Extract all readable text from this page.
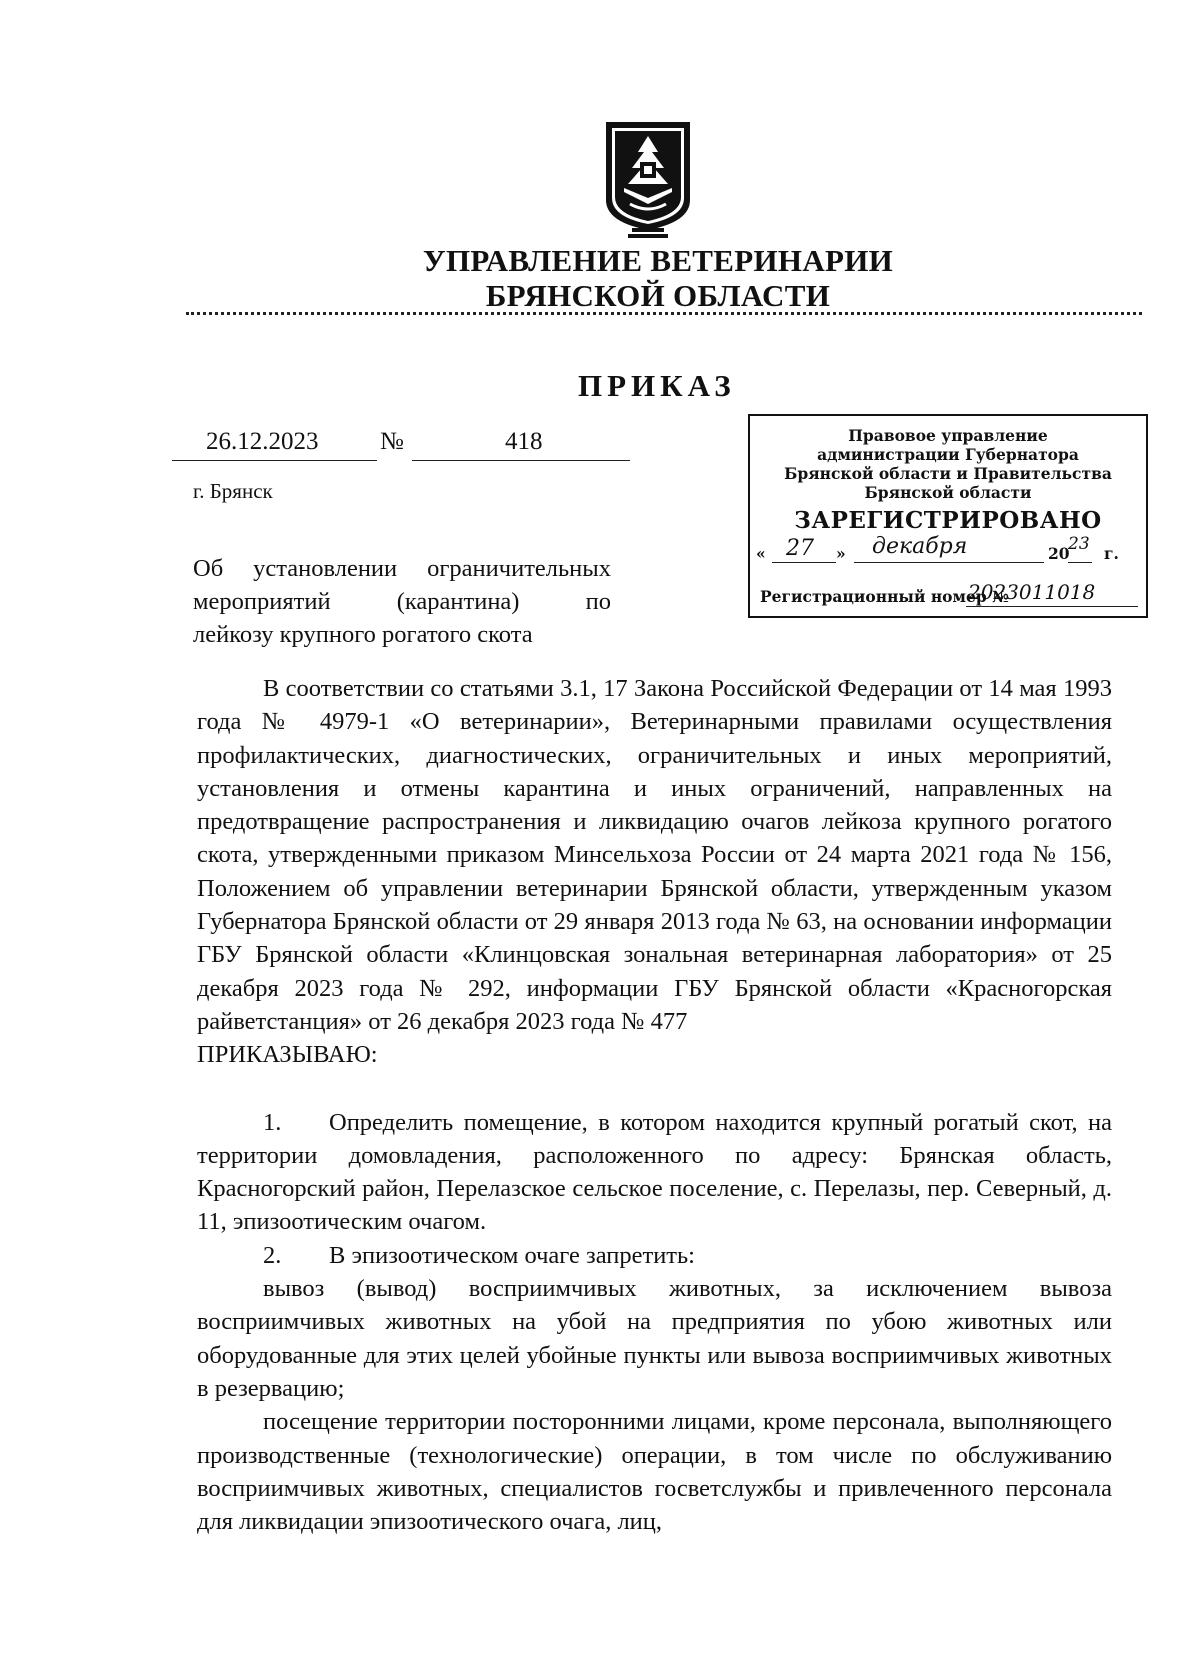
УПРАВЛЕНИЕ ВЕТЕРИНАРИИ
БРЯНСКОЙ ОБЛАСТИ
ПРИКАЗ
26.12.2023 №	418
г. Брянск
Правовое управление
администрации Губернатора
Брянской области и Правительства
Брянской области
ЗАРЕГИСТРИРОВАНО
« 27 » декабря	20
23 г.
Регистрационный номер №
2023011018

Об установлении ограничительных

мероприятий (карантина) по

лейкозу крупного рогатого скота

В соответствии со статьями 3.1, 17 Закона Российской Федерации от 14 мая 1993 года № 4979-1 «О ветеринарии», Ветеринарными правилами осуществления профилактических, диагностических, ограничительных и иных мероприятий, установления и отмены карантина и иных ограничений, направленных на предотвращение распространения и ликвидацию очагов лейкоза крупного рогатого скота, утвержденными приказом Минсельхоза России от 24 марта 2021 года № 156, Положением об управлении ветеринарии Брянской области, утвержденным указом Губернатора Брянской области от 29 января 2013 года № 63, на основании информации ГБУ Брянской области «Клинцовская зональная ветеринарная лаборатория» от 25 декабря 2023 года № 292, информации ГБУ Брянской области «Красногорская райветстанция» от 26 декабря 2023 года № 477

ПРИКАЗЫВАЮ:

1. Определить помещение, в котором находится крупный рогатый скот, на территории домовладения, расположенного по адресу: Брянская область, Красногорский район, Перелазское сельское поселение, с. Перелазы, пер. Северный, д. 11, эпизоотическим очагом.

2. В эпизоотическом очаге запретить:

вывоз (вывод) восприимчивых животных, за исключением вывоза восприимчивых животных на убой на предприятия по убою животных или оборудованные для этих целей убойные пункты или вывоза восприимчивых животных в резервацию;

посещение территории посторонними лицами, кроме персонала, выполняющего производственные (технологические) операции, в том числе по обслуживанию восприимчивых животных, специалистов госветслужбы и привлеченного персонала для ликвидации эпизоотического очага, лиц,
